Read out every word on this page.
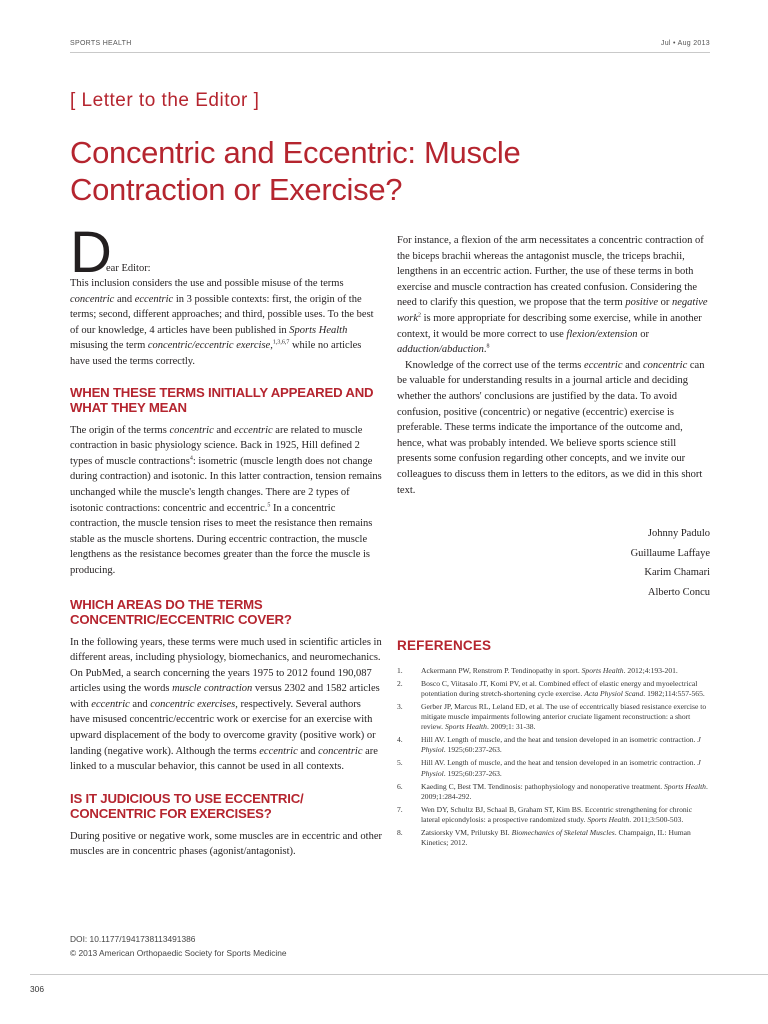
SPORTS HEALTH	Jul • Aug 2013
[ Letter to the Editor ]
Concentric and Eccentric: Muscle Contraction or Exercise?
D
ear Editor:

This inclusion considers the use and possible misuse of the terms concentric and eccentric in 3 possible contexts: first, the origin of the terms; second, different approaches; and third, possible uses. To the best of our knowledge, 4 articles have been published in Sports Health misusing the term concentric/eccentric exercise,$^{1,3,6,7}$ while no articles have used the terms correctly.

WHEN THESE TERMS INITIALLY APPEARED AND WHAT THEY MEAN

The origin of the terms concentric and eccentric are related to muscle contraction in basic physiology science. Back in 1925, Hill defined 2 types of muscle contractions$^4$: isometric (muscle length does not change during contraction) and isotonic. In this latter contraction, tension remains unchanged while the muscle's length changes. There are 2 types of isotonic contractions: concentric and eccentric.$^5$ In a concentric contraction, the muscle tension rises to meet the resistance then remains stable as the muscle shortens. During eccentric contraction, the muscle lengthens as the resistance becomes greater than the force the muscle is producing.

WHICH AREAS DO THE TERMS CONCENTRIC/ECCENTRIC COVER?

In the following years, these terms were much used in scientific articles in different areas, including physiology, biomechanics, and neuromechanics. On PubMed, a search concerning the years 1975 to 2012 found 190,087 articles using the words muscle contraction versus 2302 and 1582 articles with eccentric and concentric exercises, respectively. Several authors have misused concentric/eccentric work or exercise for an exercise with upward displacement of the body to overcome gravity (positive work) or landing (negative work). Although the terms eccentric and concentric are linked to a muscular behavior, this cannot be used in all contexts.

IS IT JUDICIOUS TO USE ECCENTRIC/ CONCENTRIC FOR EXERCISES?

During positive or negative work, some muscles are in eccentric and other muscles are in concentric phases (agonist/antagonist).

For instance, a flexion of the arm necessitates a concentric contraction of the biceps brachii whereas the antagonist muscle, the triceps brachii, lengthens in an eccentric action. Further, the use of these terms in both exercise and muscle contraction has created confusion. Considering the need to clarify this question, we propose that the term positive or negative work$^2$ is more appropriate for describing some exercise, while in another context, it would be more correct to use flexion/extension or adduction/abduction.$^8$

Knowledge of the correct use of the terms eccentric and concentric can be valuable for understanding results in a journal article and deciding whether the authors' conclusions are justified by the data. To avoid confusion, positive (concentric) or negative (eccentric) exercise is preferable. These terms indicate the importance of the outcome and, hence, what was probably intended. We believe sports science still presents some confusion regarding other concepts, and we invite our colleagues to discuss them in letters to the editors, as we did in this short text.

Johnny Padulo
Guillaume Laffaye
Karim Chamari
Alberto Concu
REFERENCES
1.	Ackermann PW, Renstrom P. Tendinopathy in sport. Sports Health. 2012;4:193-201.
2.	Bosco C, Viitasalo JT, Komi PV, et al. Combined effect of elastic energy and myoelectrical potentiation during stretch-shortening cycle exercise. Acta Physiol Scand. 1982;114:557-565.
3.	Gerber JP, Marcus RL, Leland ED, et al. The use of eccentrically biased resistance exercise to mitigate muscle impairments following anterior cruciate ligament reconstruction: a short review. Sports Health. 2009;1: 31-38.
4.	Hill AV. Length of muscle, and the heat and tension developed in an isometric contraction. J Physiol. 1925;60:237-263.
5.	Hill AV. Length of muscle, and the heat and tension developed in an isometric contraction. J Physiol. 1925;60:237-263.
6.	Kaeding C, Best TM. Tendinosis: pathophysiology and nonoperative treatment. Sports Health. 2009;1:284-292.
7.	Wen DY, Schultz BJ, Schaal B, Graham ST, Kim BS. Eccentric strengthening for chronic lateral epicondylosis: a prospective randomized study. Sports Health. 2011;3:500-503.
8.	Zatsiorsky VM, Prilutsky BI. Biomechanics of Skeletal Muscles. Champaign, IL: Human Kinetics; 2012.
DOI: 10.1177/1941738113491386
© 2013 American Orthopaedic Society for Sports Medicine
306
